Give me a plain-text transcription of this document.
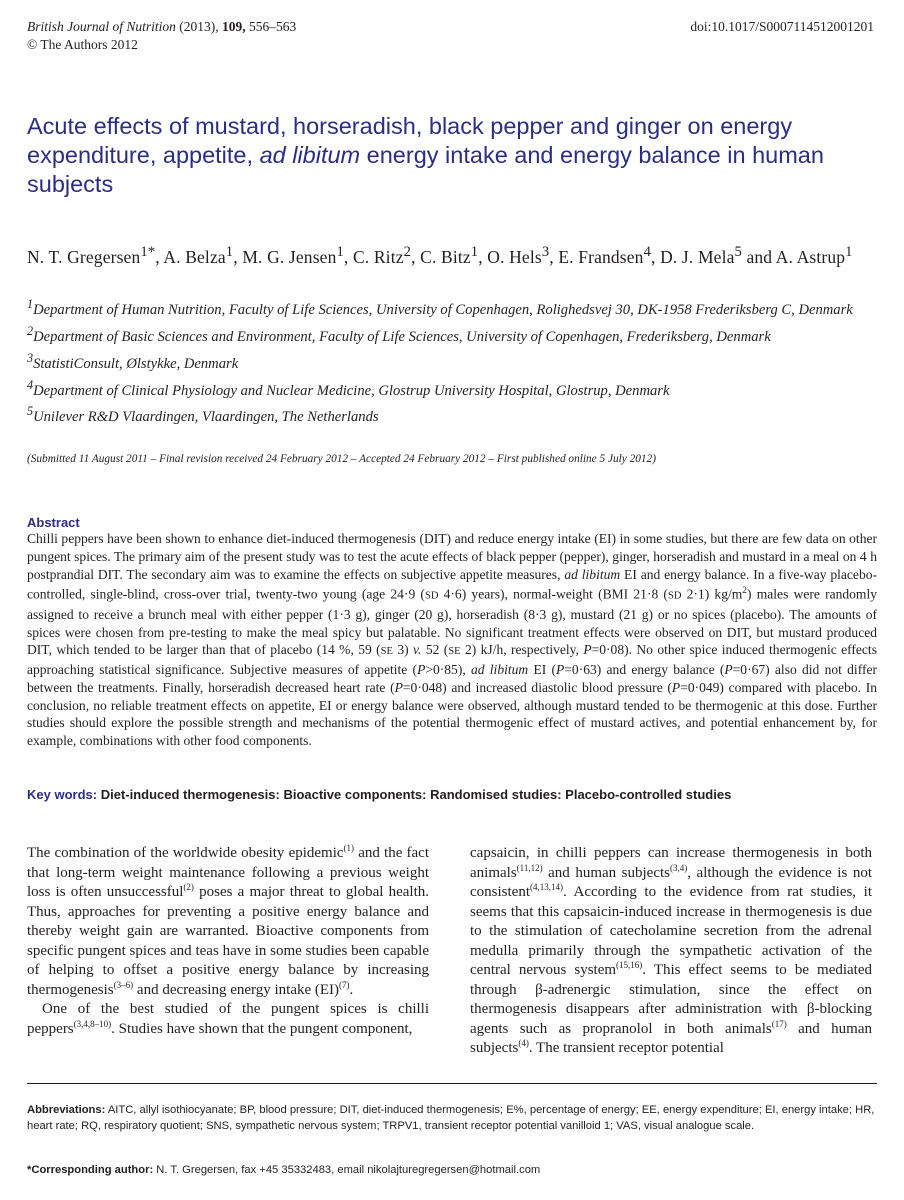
British Journal of Nutrition (2013), 109, 556–563
© The Authors 2012
doi:10.1017/S0007114512001201
Acute effects of mustard, horseradish, black pepper and ginger on energy expenditure, appetite, ad libitum energy intake and energy balance in human subjects
N. T. Gregersen$^{1*}$, A. Belza$^1$, M. G. Jensen$^1$, C. Ritz$^2$, C. Bitz$^1$, O. Hels$^3$, E. Frandsen$^4$, D. J. Mela$^5$ and A. Astrup$^1$
$^1$Department of Human Nutrition, Faculty of Life Sciences, University of Copenhagen, Rolighedsvej 30, DK-1958 Frederiksberg C, Denmark
$^2$Department of Basic Sciences and Environment, Faculty of Life Sciences, University of Copenhagen, Frederiksberg, Denmark
$^3$StatistiConsult, Ølstykke, Denmark
$^4$Department of Clinical Physiology and Nuclear Medicine, Glostrup University Hospital, Glostrup, Denmark
$^5$Unilever R&D Vlaardingen, Vlaardingen, The Netherlands
(Submitted 11 August 2011 – Final revision received 24 February 2012 – Accepted 24 February 2012 – First published online 5 July 2012)
Abstract
Chilli peppers have been shown to enhance diet-induced thermogenesis (DIT) and reduce energy intake (EI) in some studies, but there are few data on other pungent spices. The primary aim of the present study was to test the acute effects of black pepper (pepper), ginger, horseradish and mustard in a meal on 4 h postprandial DIT. The secondary aim was to examine the effects on subjective appetite measures, ad libitum EI and energy balance. In a five-way placebo-controlled, single-blind, cross-over trial, twenty-two young (age 24·9 (SD 4·6) years), normal-weight (BMI 21·8 (SD 2·1) $kg/m^2$) males were randomly assigned to receive a brunch meal with either pepper (1·3 g), ginger (20 g), horseradish (8·3 g), mustard (21 g) or no spices (placebo). The amounts of spices were chosen from pre-testing to make the meal spicy but palatable. No significant treatment effects were observed on DIT, but mustard produced DIT, which tended to be larger than that of placebo (14 %, 59 (SE 3) v. 52 (SE 2) kJ/h, respectively, P=0·08). No other spice induced thermogenic effects approaching statistical significance. Subjective measures of appetite (P>0·85), ad libitum EI (P=0·63) and energy balance (P=0·67) also did not differ between the treatments. Finally, horseradish decreased heart rate (P=0·048) and increased diastolic blood pressure (P=0·049) compared with placebo. In conclusion, no reliable treatment effects on appetite, EI or energy balance were observed, although mustard tended to be thermogenic at this dose. Further studies should explore the possible strength and mechanisms of the potential thermogenic effect of mustard actives, and potential enhancement by, for example, combinations with other food components.
Key words: Diet-induced thermogenesis: Bioactive components: Randomised studies: Placebo-controlled studies

The combination of the worldwide obesity epidemic$^{(1)}$ and the fact that long-term weight maintenance following a previous weight loss is often unsuccessful$^{(2)}$ poses a major threat to global health. Thus, approaches for preventing a positive energy balance and thereby weight gain are warranted. Bioactive components from specific pungent spices and teas have in some studies been capable of helping to offset a positive energy balance by increasing thermogenesis$^{(3-6)}$ and decreasing energy intake (EI)$^{(7)}$.

One of the best studied of the pungent spices is chilli peppers$^{(3,4,8-10)}$. Studies have shown that the pungent component,

capsaicin, in chilli peppers can increase thermogenesis in both animals$^{(11,12)}$ and human subjects$^{(3,4)}$, although the evidence is not consistent$^{(4,13,14)}$. According to the evidence from rat studies, it seems that this capsaicin-induced increase in thermogenesis is due to the stimulation of catecholamine secretion from the adrenal medulla primarily through the sympathetic activation of the central nervous system$^{(15,16)}$. This effect seems to be mediated through β-adrenergic stimulation, since the effect on thermogenesis disappears after administration with β-blocking agents such as propranolol in both animals$^{(17)}$ and human subjects$^{(4)}$. The transient receptor potential

Abbreviations: AITC, allyl isothiocyanate; BP, blood pressure; DIT, diet-induced thermogenesis; E%, percentage of energy; EE, energy expenditure; EI, energy intake; HR, heart rate; RQ, respiratory quotient; SNS, sympathetic nervous system; TRPV1, transient receptor potential vanilloid 1; VAS, visual analogue scale.
*Corresponding author: N. T. Gregersen, fax +45 35332483, email nikolajturegregersen@hotmail.com
